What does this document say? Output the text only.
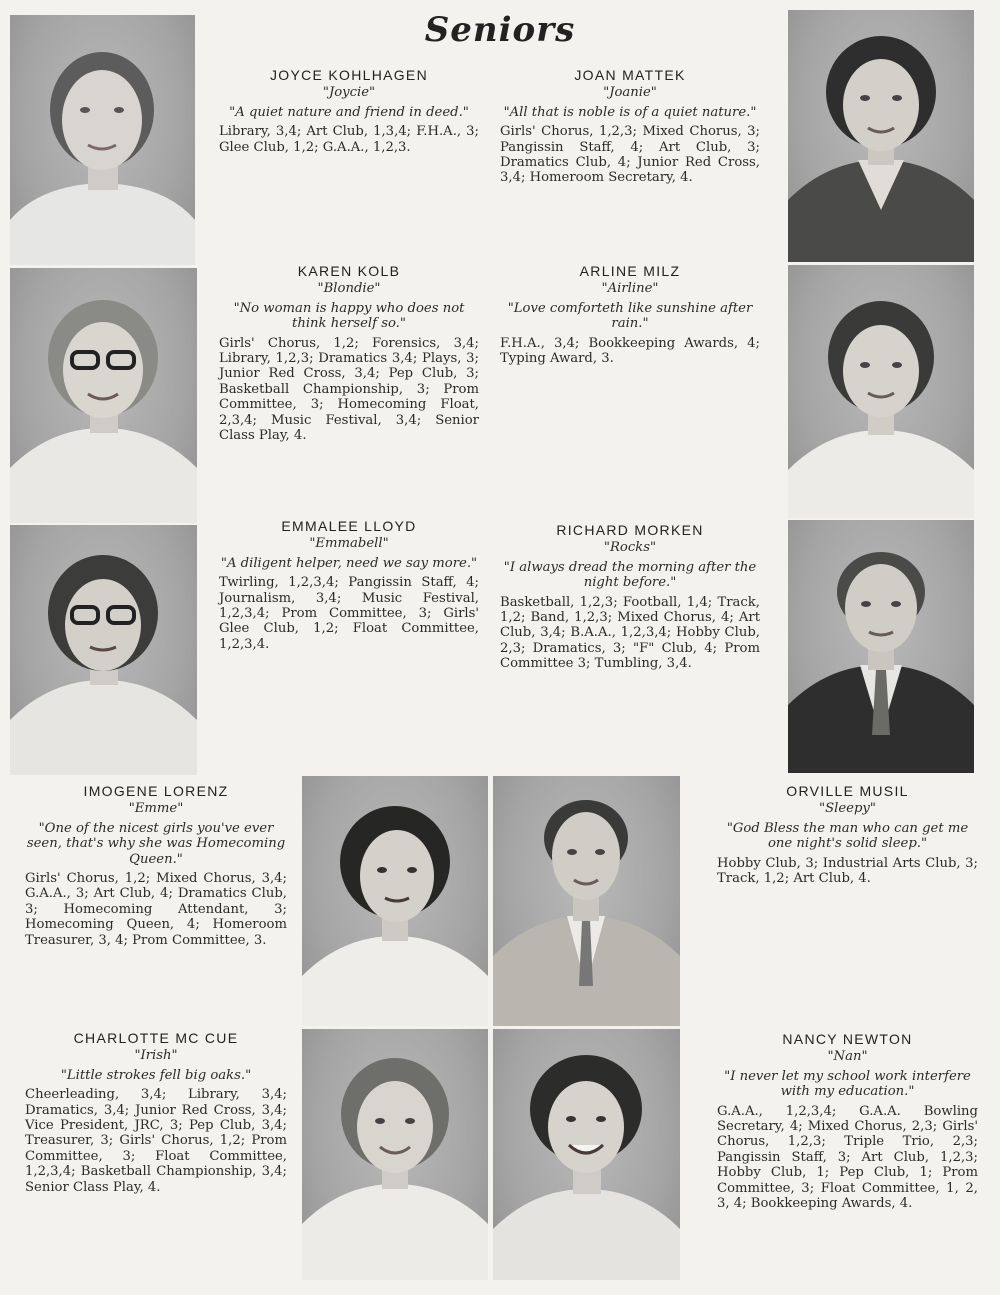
Seniors
JOYCE KOHLHAGEN
"Joycie"
"A quiet nature and friend in deed."
Library, 3,4; Art Club, 1,3,4; F.H.A., 3; Glee Club, 1,2; G.A.A., 1,2,3.
JOAN MATTEK
"Joanie"
"All that is noble is of a quiet nature."
Girls' Chorus, 1,2,3; Mixed Chorus, 3; Pangissin Staff, 4; Art Club, 3; Dramatics Club, 4; Junior Red Cross, 3,4; Homeroom Secretary, 4.
KAREN KOLB
"Blondie"
"No woman is happy who does not think herself so."
Girls' Chorus, 1,2; Forensics, 3,4; Library, 1,2,3; Dramatics 3,4; Plays, 3; Junior Red Cross, 3,4; Pep Club, 3; Basketball Championship, 3; Prom Committee, 3; Homecoming Float, 2,3,4; Music Festival, 3,4; Senior Class Play, 4.
ARLINE MILZ
"Airline"
"Love comforteth like sunshine after rain."
F.H.A., 3,4; Bookkeeping Awards, 4; Typing Award, 3.
EMMALEE LLOYD
"Emmabell"
"A diligent helper, need we say more."
Twirling, 1,2,3,4; Pangissin Staff, 4; Journalism, 3,4; Music Festival, 1,2,3,4; Prom Committee, 3; Girls' Glee Club, 1,2; Float Committee, 1,2,3,4.
RICHARD MORKEN
"Rocks"
"I always dread the morning after the night before."
Basketball, 1,2,3; Football, 1,4; Track, 1,2; Band, 1,2,3; Mixed Chorus, 4; Art Club, 3,4; B.A.A., 1,2,3,4; Hobby Club, 2,3; Dramatics, 3; "F" Club, 4; Prom Committee 3; Tumbling, 3,4.
IMOGENE LORENZ
"Emme"
"One of the nicest girls you've ever seen, that's why she was Homecoming Queen."
Girls' Chorus, 1,2; Mixed Chorus, 3,4; G.A.A., 3; Art Club, 4; Dramatics Club, 3; Homecoming Attendant, 3; Homecoming Queen, 4; Homeroom Treasurer, 3, 4; Prom Committee, 3.
ORVILLE MUSIL
"Sleepy"
"God Bless the man who can get me one night's solid sleep."
Hobby Club, 3; Industrial Arts Club, 3; Track, 1,2; Art Club, 4.
CHARLOTTE MC CUE
"Irish"
"Little strokes fell big oaks."
Cheerleading, 3,4; Library, 3,4; Dramatics, 3,4; Junior Red Cross, 3,4; Vice President, JRC, 3; Pep Club, 3,4; Treasurer, 3; Girls' Chorus, 1,2; Prom Committee, 3; Float Committee, 1,2,3,4; Basketball Championship, 3,4; Senior Class Play, 4.
NANCY NEWTON
"Nan"
"I never let my school work interfere with my education."
G.A.A., 1,2,3,4; G.A.A. Bowling Secretary, 4; Mixed Chorus, 2,3; Girls' Chorus, 1,2,3; Triple Trio, 2,3; Pangissin Staff, 3; Art Club, 1,2,3; Hobby Club, 1; Pep Club, 1; Prom Committee, 3; Float Committee, 1, 2, 3, 4; Bookkeeping Awards, 4.
